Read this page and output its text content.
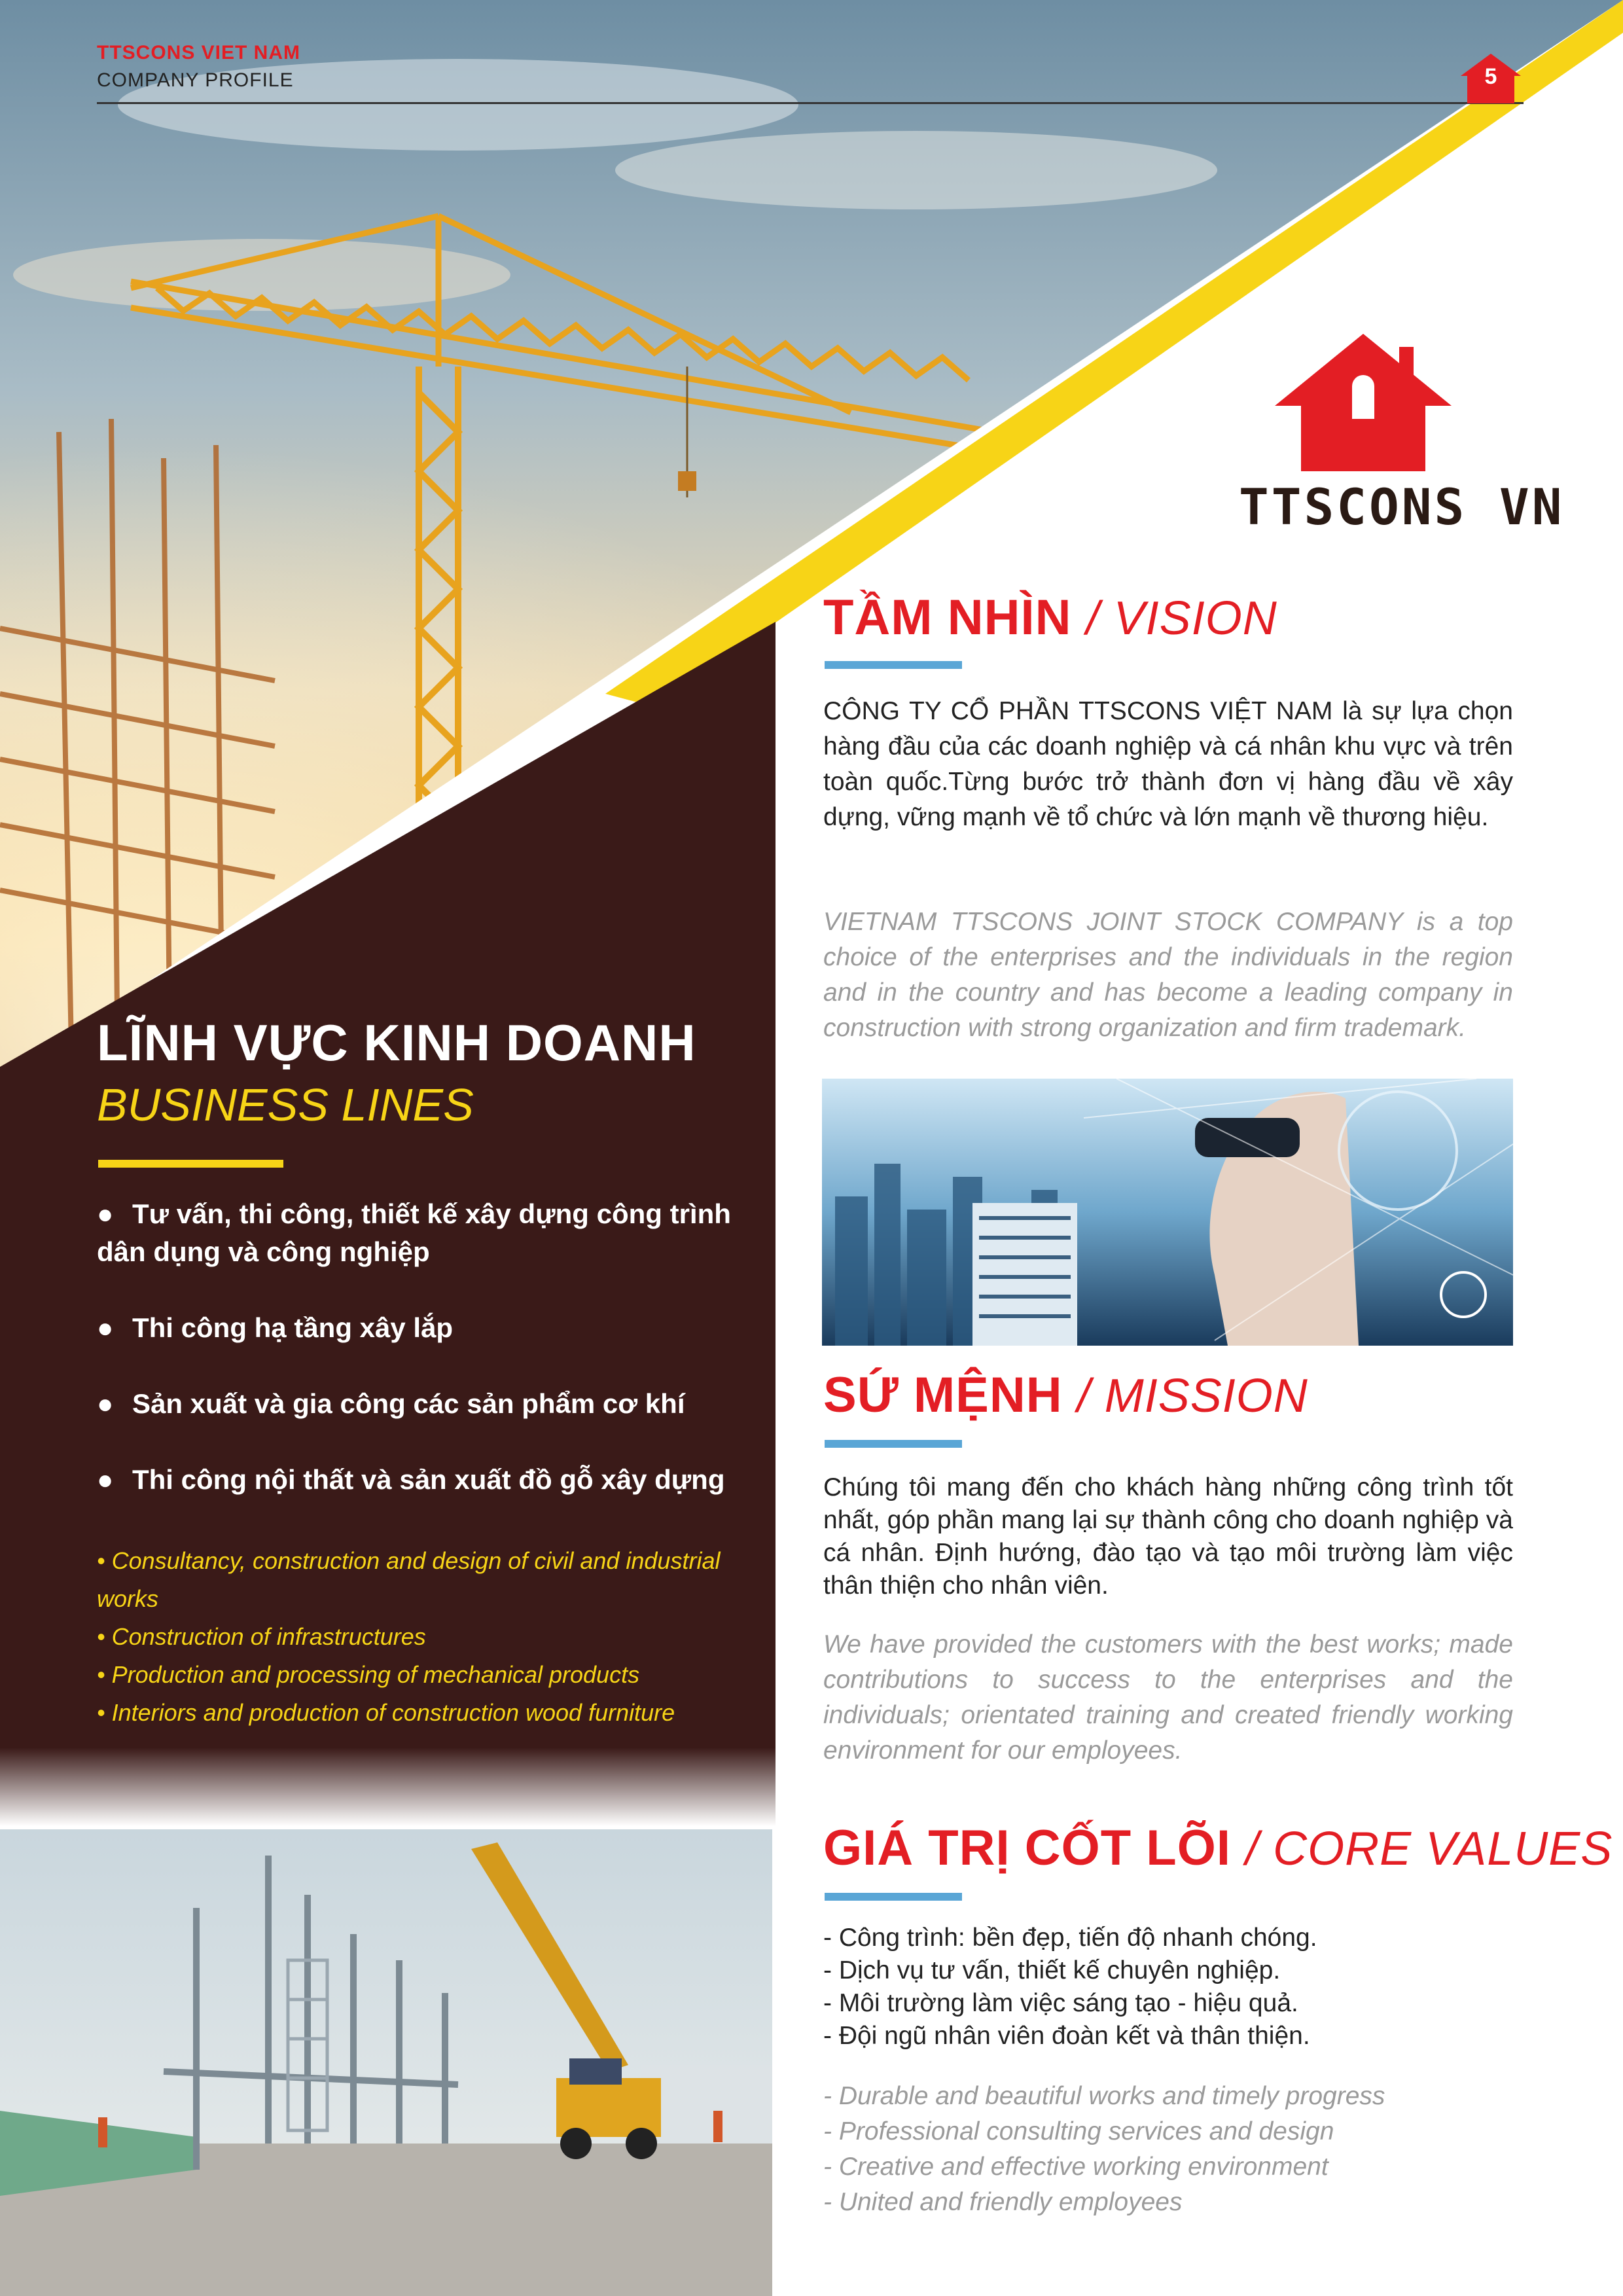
TTSCONS VIET NAM
COMPANY PROFILE	5
TTSCONS VN
LĨNH VỰC KINH DOANH
BUSINESS LINES
● Tư vấn, thi công, thiết kế xây dựng công trình
dân dụng và công nghiệp
● Thi công hạ tầng xây lắp
● Sản xuất và gia công các sản phẩm cơ khí
● Thi công nội thất và sản xuất đồ gỗ xây dựng
• Consultancy, construction and design of civil and industrial
works
• Construction of infrastructures
• Production and processing of mechanical products
• Interiors and production of construction wood furniture
TẦM NHÌN / VISION
CÔNG TY CỔ PHẦN TTSCONS VIỆT NAM là sự lựa chọn hàng đầu của các doanh nghiệp và cá nhân khu vực và trên toàn quốc.Từng bước trở thành đơn vị hàng đầu về xây dựng, vững mạnh về tổ chức và lớn mạnh về thương hiệu.
VIETNAM TTSCONS JOINT STOCK COMPANY is a top choice of the enterprises and the individuals in the region and in the country and has become a leading company in construction with strong organization and firm trademark.
SỨ MỆNH / MISSION
Chúng tôi mang đến cho khách hàng những công trình tốt nhất, góp phần mang lại sự thành công cho doanh nghiệp và cá nhân. Định hướng, đào tạo và tạo môi trường làm việc thân thiện cho nhân viên.
We have provided the customers with the best works; made contributions to success to the enterprises and the individuals; orientated training and created friendly working environment for our employees.
GIÁ TRỊ CỐT LÕI / CORE VALUES
- Công trình: bền đẹp, tiến độ nhanh chóng.
- Dịch vụ tư vấn, thiết kế chuyên nghiệp.
- Môi trường làm việc sáng tạo - hiệu quả.
- Đội ngũ nhân viên đoàn kết và thân thiện.
- Durable and beautiful works and timely progress
- Professional consulting services and design
- Creative and effective working environment
- United and friendly employees
